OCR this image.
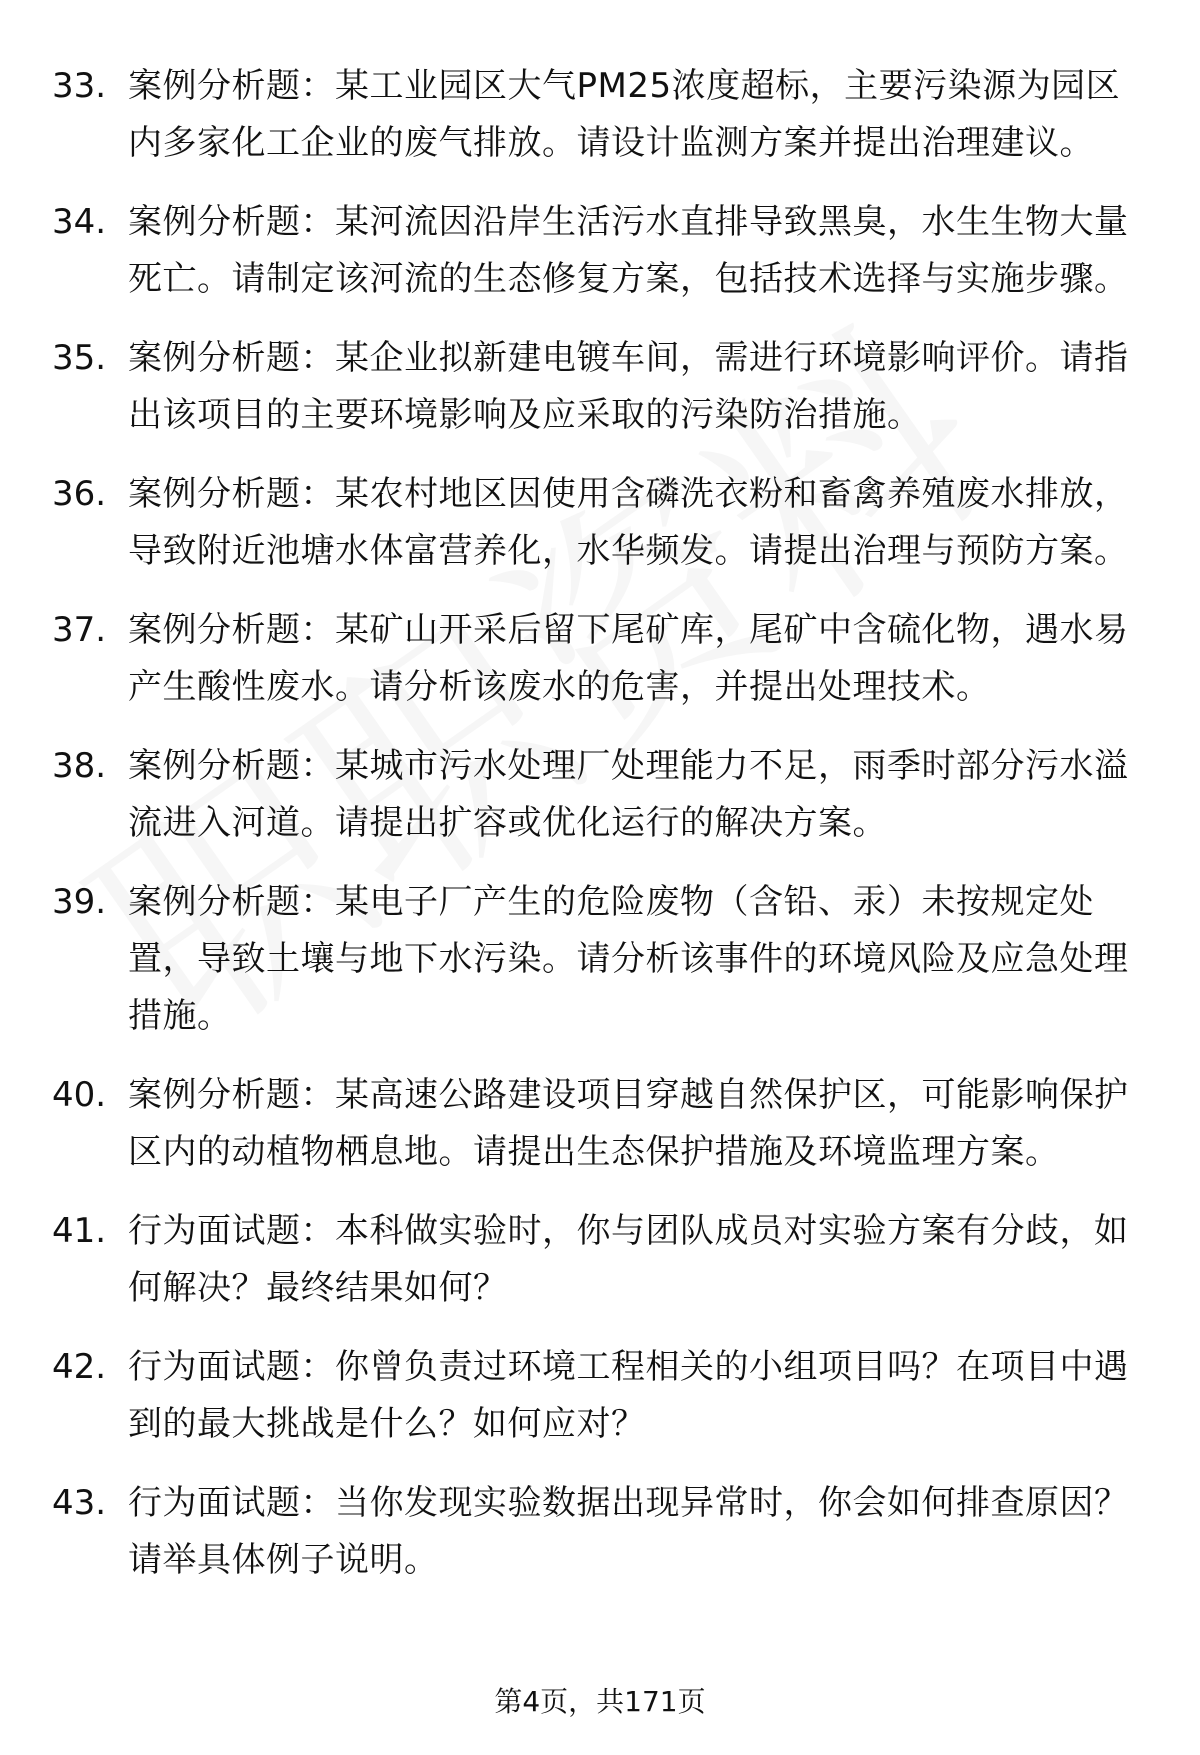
33. 案例分析题：某工业园区大气PM25浓度超标，主要污染源为园区内多家化工企业的废气排放。请设计监测方案并提出治理建议。
34. 案例分析题：某河流因沿岸生活污水直排导致黑臭，水生生物大量死亡。请制定该河流的生态修复方案，包括技术选择与实施步骤。
35. 案例分析题：某企业拟新建电镀车间，需进行环境影响评价。请指出该项目的主要环境影响及应采取的污染防治措施。
36. 案例分析题：某农村地区因使用含磷洗衣粉和畜禽养殖废水排放，导致附近池塘水体富营养化，水华频发。请提出治理与预防方案。
37. 案例分析题：某矿山开采后留下尾矿库，尾矿中含硫化物，遇水易产生酸性废水。请分析该废水的危害，并提出处理技术。
38. 案例分析题：某城市污水处理厂处理能力不足，雨季时部分污水溢流进入河道。请提出扩容或优化运行的解决方案。
39. 案例分析题：某电子厂产生的危险废物（含铅、汞）未按规定处置，导致土壤与地下水污染。请分析该事件的环境风险及应急处理措施。
40. 案例分析题：某高速公路建设项目穿越自然保护区，可能影响保护区内的动植物栖息地。请提出生态保护措施及环境监理方案。
41. 行为面试题：本科做实验时，你与团队成员对实验方案有分歧，如何解决？最终结果如何？
42. 行为面试题：你曾负责过环境工程相关的小组项目吗？在项目中遇到的最大挑战是什么？如何应对？
43. 行为面试题：当你发现实验数据出现异常时，你会如何排查原因？请举具体例子说明。
第4页，共171页
